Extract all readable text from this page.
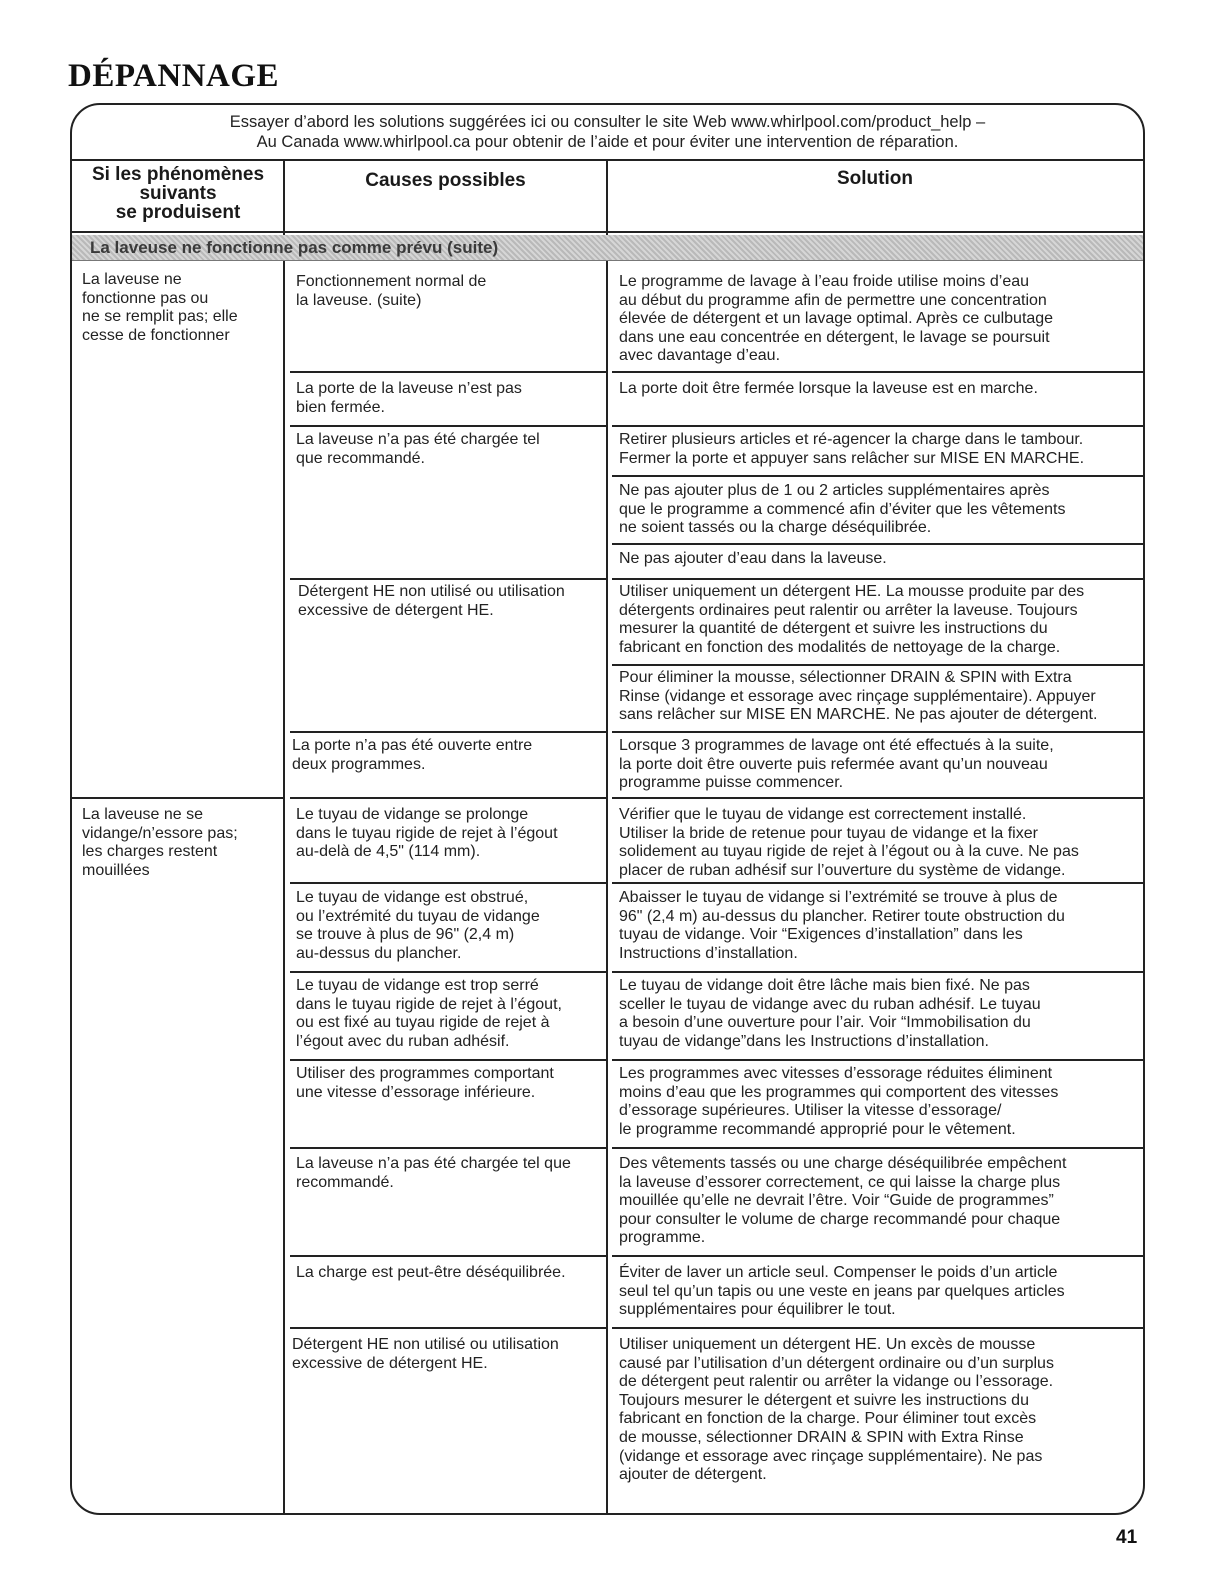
DÉPANNAGE
Essayer d’abord les solutions suggérées ici ou consulter le site Web www.whirlpool.com/product_help –
Au Canada www.whirlpool.ca pour obtenir de l’aide et pour éviter une intervention de réparation.
Si les phénomènes
suivants
se produisent
Causes possibles	Solution
La laveuse ne fonctionne pas comme prévu (suite)
La laveuse ne
fonctionne pas ou
ne se remplit pas; elle
cesse de fonctionner
La laveuse ne se
vidange/n’essore pas;
les charges restent
mouillées
Fonctionnement normal de
la laveuse. (suite)
La porte de la laveuse n’est pas
bien fermée.
La laveuse n’a pas été chargée tel
que recommandé.
Détergent HE non utilisé ou utilisation
excessive de détergent HE.
La porte n’a pas été ouverte entre
deux programmes.
Le tuyau de vidange se prolonge
dans le tuyau rigide de rejet à l’égout
au-delà de 4,5" (114 mm).
Le tuyau de vidange est obstrué,
ou l’extrémité du tuyau de vidange
se trouve à plus de 96" (2,4 m)
au-dessus du plancher.
Le tuyau de vidange est trop serré
dans le tuyau rigide de rejet à l’égout,
ou est fixé au tuyau rigide de rejet à
l’égout avec du ruban adhésif.
Utiliser des programmes comportant
une vitesse d’essorage inférieure.
La laveuse n’a pas été chargée tel que
recommandé.
La charge est peut-être déséquilibrée.
Détergent HE non utilisé ou utilisation
excessive de détergent HE.
Le programme de lavage à l’eau froide utilise moins d’eau
au début du programme afin de permettre une concentration
élevée de détergent et un lavage optimal. Après ce culbutage
dans une eau concentrée en détergent, le lavage se poursuit
avec davantage d’eau.
La porte doit être fermée lorsque la laveuse est en marche.
Retirer plusieurs articles et ré-agencer la charge dans le tambour.
Fermer la porte et appuyer sans relâcher sur MISE EN MARCHE.
Ne pas ajouter plus de 1 ou 2 articles supplémentaires après
que le programme a commencé afin d’éviter que les vêtements
ne soient tassés ou la charge déséquilibrée.
Ne pas ajouter d’eau dans la laveuse.
Utiliser uniquement un détergent HE. La mousse produite par des
détergents ordinaires peut ralentir ou arrêter la laveuse. Toujours
mesurer la quantité de détergent et suivre les instructions du
fabricant en fonction des modalités de nettoyage de la charge.
Pour éliminer la mousse, sélectionner DRAIN & SPIN with Extra
Rinse (vidange et essorage avec rinçage supplémentaire). Appuyer
sans relâcher sur MISE EN MARCHE. Ne pas ajouter de détergent.
Lorsque 3 programmes de lavage ont été effectués à la suite,
la porte doit être ouverte puis refermée avant qu’un nouveau
programme puisse commencer.
Vérifier que le tuyau de vidange est correctement installé.
Utiliser la bride de retenue pour tuyau de vidange et la fixer
solidement au tuyau rigide de rejet à l’égout ou à la cuve. Ne pas
placer de ruban adhésif sur l’ouverture du système de vidange.
Abaisser le tuyau de vidange si l’extrémité se trouve à plus de
96" (2,4 m) au-dessus du plancher. Retirer toute obstruction du
tuyau de vidange. Voir “Exigences d’installation” dans les
Instructions d’installation.
Le tuyau de vidange doit être lâche mais bien fixé. Ne pas
sceller le tuyau de vidange avec du ruban adhésif. Le tuyau
a besoin d’une ouverture pour l’air. Voir “Immobilisation du
tuyau de vidange”dans les Instructions d’installation.
Les programmes avec vitesses d’essorage réduites éliminent
moins d’eau que les programmes qui comportent des vitesses
d’essorage supérieures. Utiliser la vitesse d’essorage/
le programme recommandé approprié pour le vêtement.
Des vêtements tassés ou une charge déséquilibrée empêchent
la laveuse d’essorer correctement, ce qui laisse la charge plus
mouillée qu’elle ne devrait l’être. Voir “Guide de programmes”
pour consulter le volume de charge recommandé pour chaque
programme.
Éviter de laver un article seul. Compenser le poids d’un article
seul tel qu’un tapis ou une veste en jeans par quelques articles
supplémentaires pour équilibrer le tout.
Utiliser uniquement un détergent HE. Un excès de mousse
causé par l’utilisation d’un détergent ordinaire ou d’un surplus
de détergent peut ralentir ou arrêter la vidange ou l’essorage.
Toujours mesurer le détergent et suivre les instructions du
fabricant en fonction de la charge. Pour éliminer tout excès
de mousse, sélectionner DRAIN & SPIN with Extra Rinse
(vidange et essorage avec rinçage supplémentaire). Ne pas
ajouter de détergent.
41
